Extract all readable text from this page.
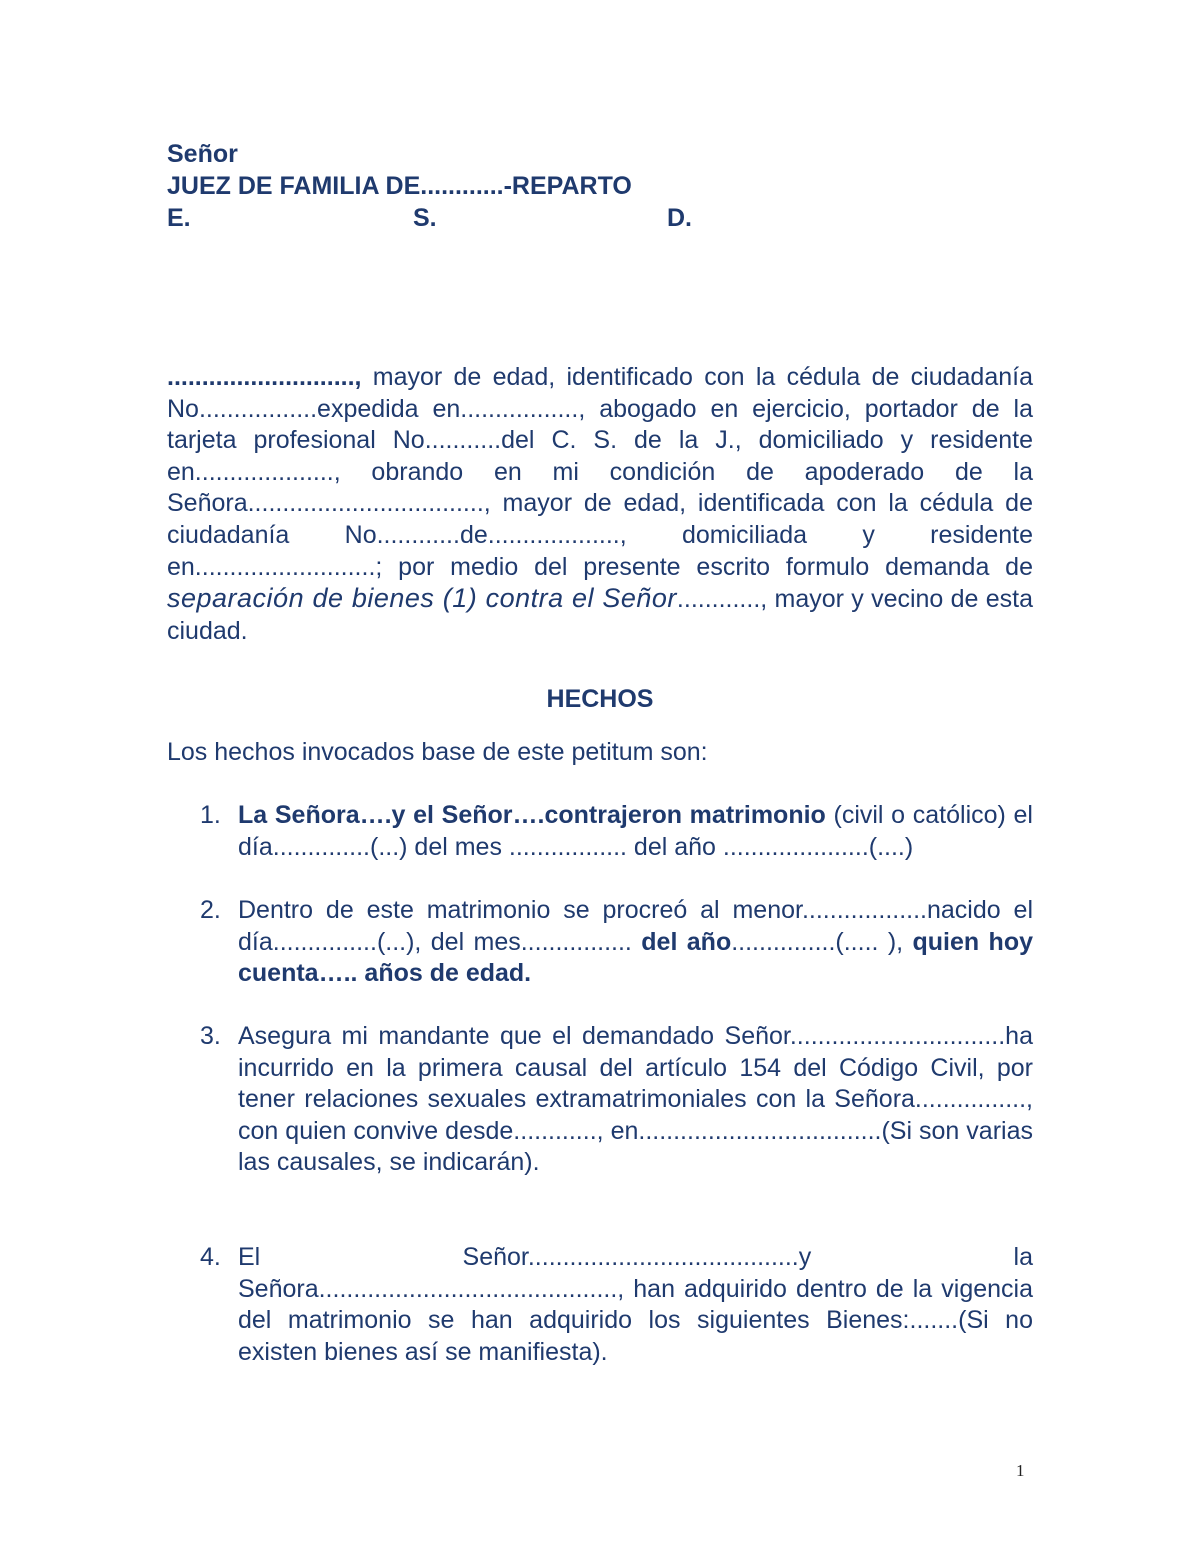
Señor
JUEZ DE FAMILIA DE............-REPARTO
E.	S.	D.
..........................., mayor de edad, identificado con la cédula de ciudadanía No.................expedida en................., abogado en ejercicio, portador de la tarjeta profesional No...........del C. S. de la J., domiciliado y residente en...................., obrando en mi condición de apoderado de la Señora.................................., mayor de edad, identificada con la cédula de ciudadanía No............de..................., domiciliada y residente en..........................; por medio del presente escrito formulo demanda de separación de bienes (1) contra el Señor............, mayor y vecino de esta ciudad.
HECHOS
Los hechos invocados base de este petitum son:
1. La Señora….y el Señor….contrajeron matrimonio (civil o católico) el día..............(...) del mes ................. del año .....................(....)
2. Dentro de este matrimonio se procreó al menor..................nacido el día...............(...), del mes................ del año...............(..... ), quien hoy cuenta….. años de edad.
3. Asegura mi mandante que el demandado Señor...............................ha incurrido en la primera causal del artículo 154 del Código Civil, por tener relaciones sexuales extramatrimoniales con la Señora................, con quien convive desde............, en...................................(Si son varias las causales, se indicarán).
4. El Señor.......................................y la Señora..........................................., han adquirido dentro de la vigencia del matrimonio se han adquirido los siguientes Bienes:.......(Si no existen bienes así se manifiesta).
1
